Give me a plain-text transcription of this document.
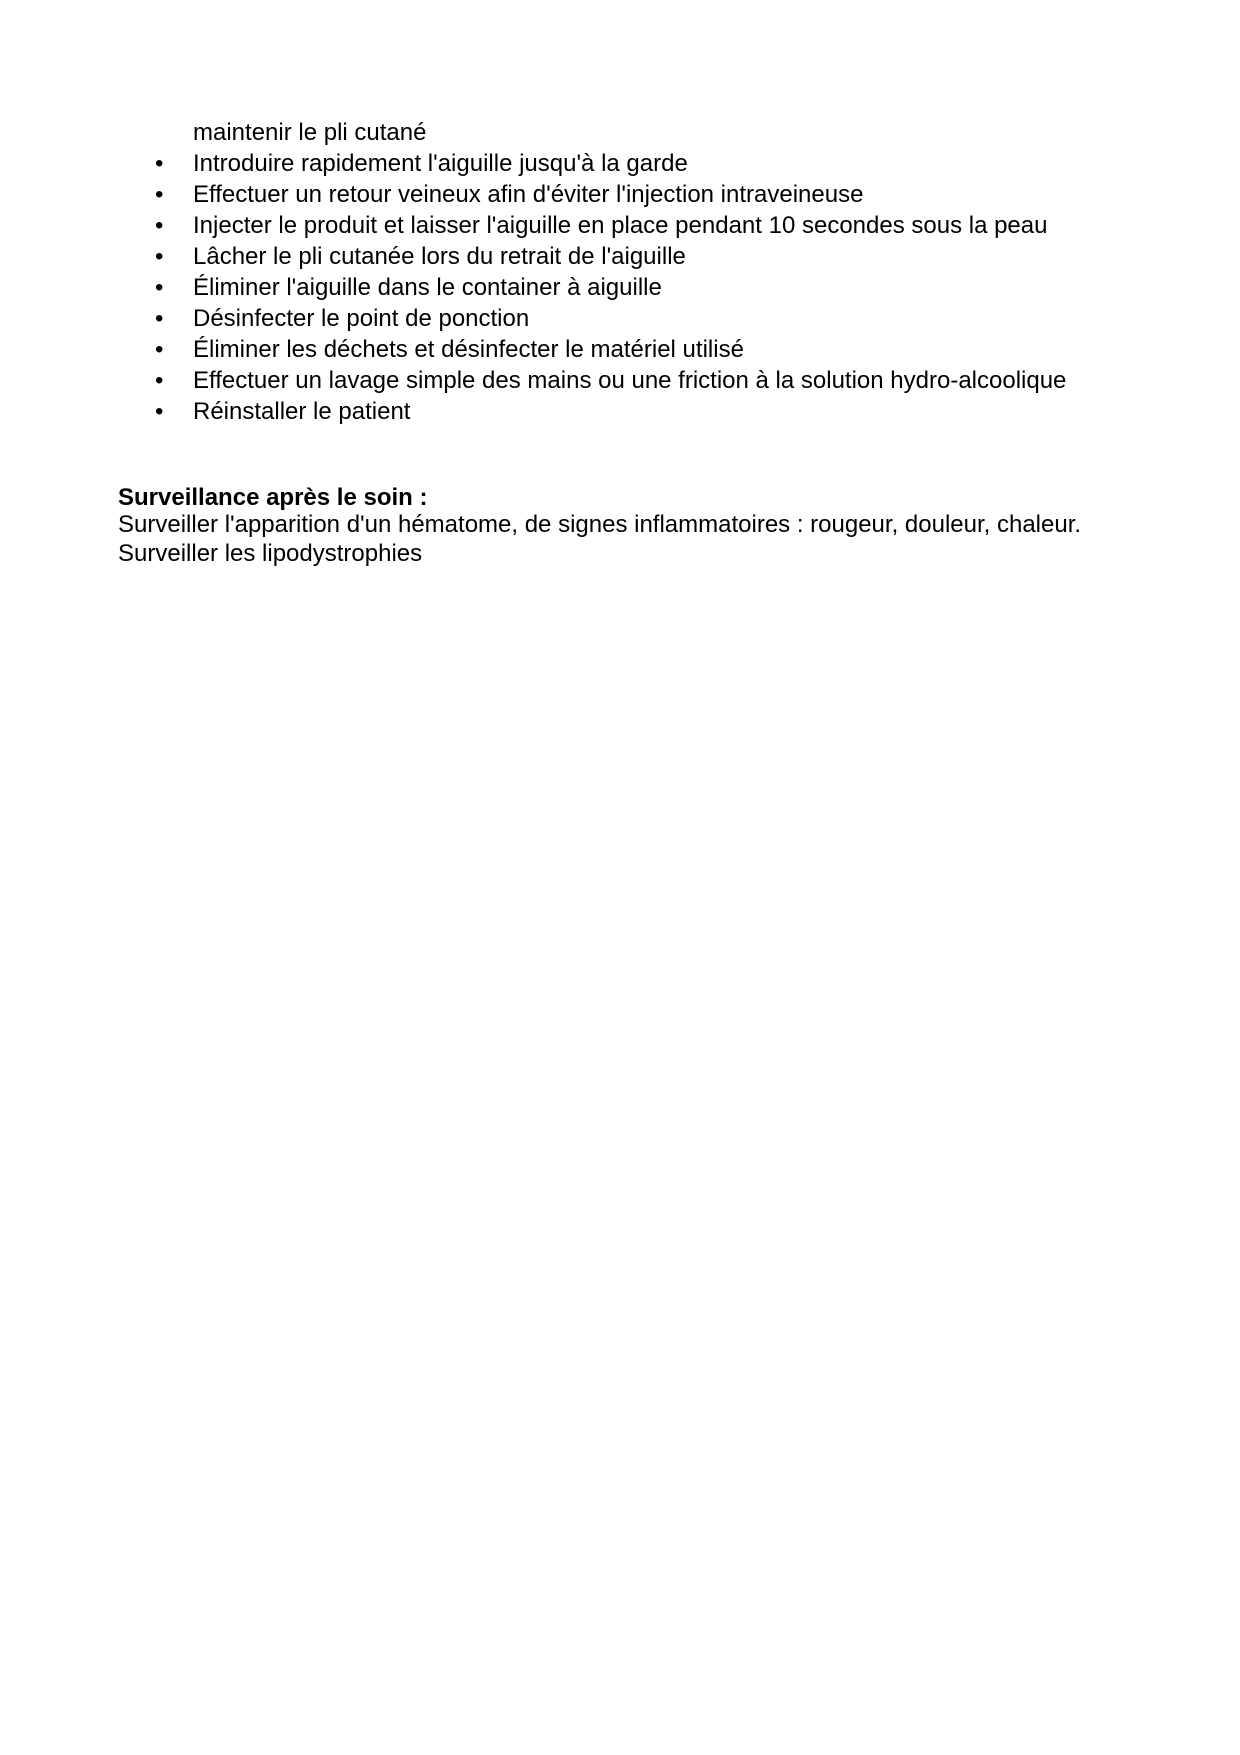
maintenir le pli cutané
•	Introduire rapidement l'aiguille jusqu'à la garde
•	Effectuer un retour veineux afin d'éviter l'injection intraveineuse
•	Injecter le produit et laisser l'aiguille en place pendant 10 secondes sous la peau
•	Lâcher le pli cutanée lors du retrait de l'aiguille
•	Éliminer l'aiguille dans le container à aiguille
•	Désinfecter le point de ponction
•	Éliminer les déchets et désinfecter le matériel utilisé
•	Effectuer un lavage simple des mains ou une friction à la solution hydro-alcoolique
•	Réinstaller le patient
Surveillance après le soin :
Surveiller l'apparition d'un hématome, de signes inflammatoires : rougeur, douleur, chaleur.
Surveiller les lipodystrophies
